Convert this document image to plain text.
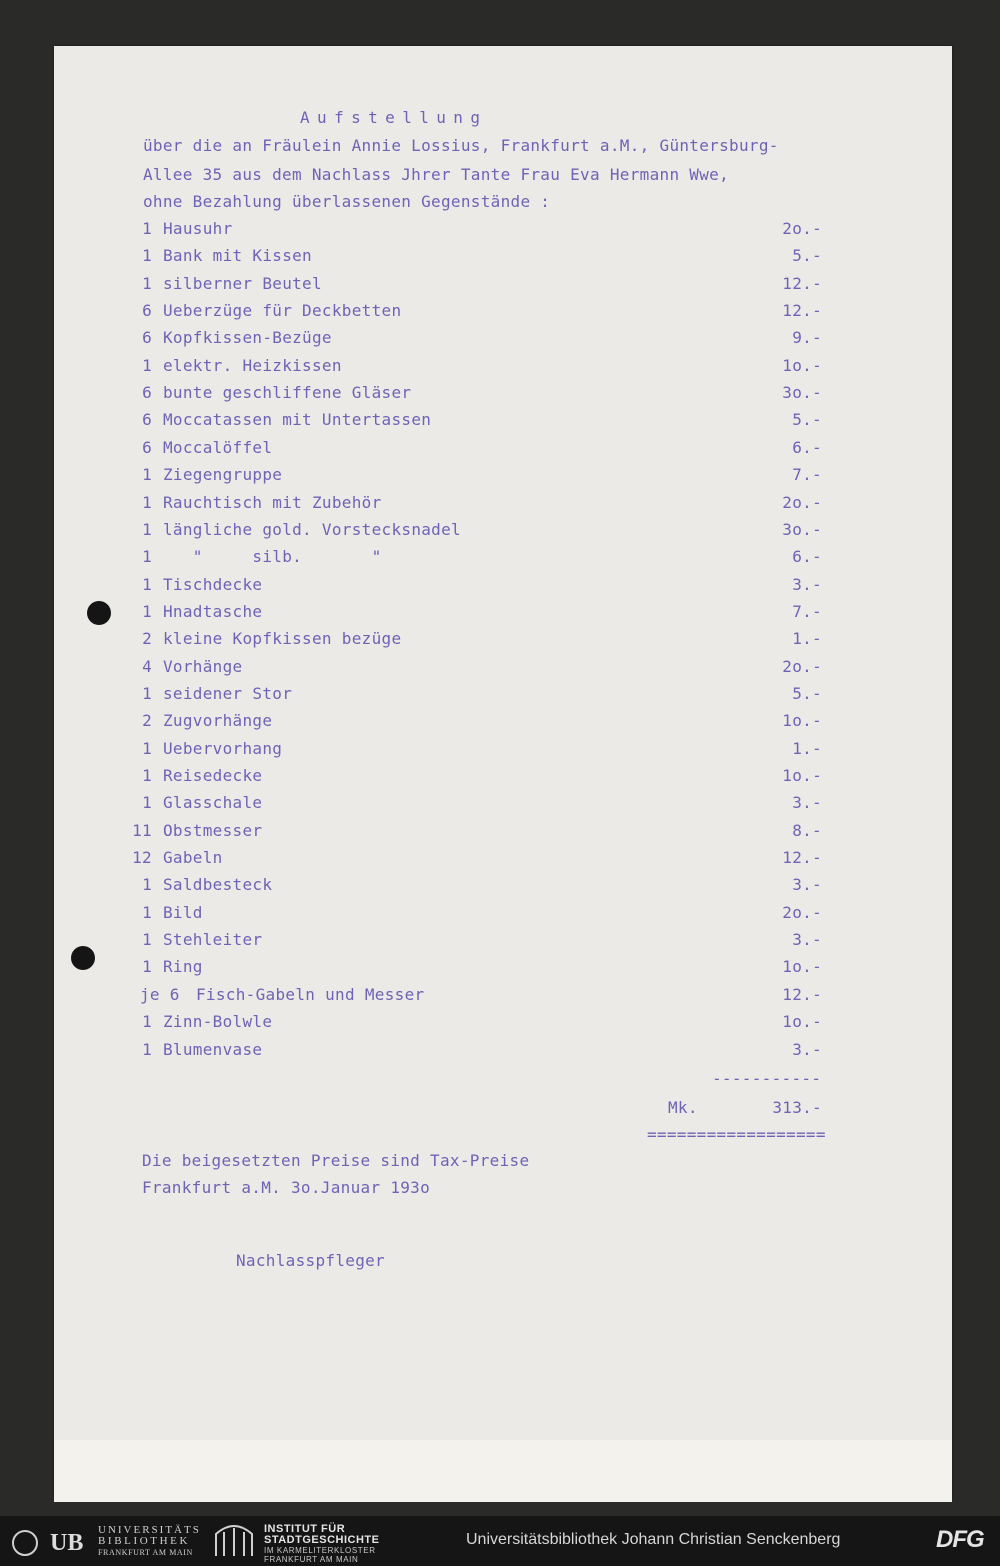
Aufstellung
über die an Fräulein Annie Lossius, Frankfurt a.M., Güntersburg-
Allee 35 aus dem Nachlass Jhrer Tante Frau Eva Hermann Wwe,
ohne Bezahlung überlassenen Gegenstände :
1 Hausuhr	2o.-
1 Bank mit Kissen	5.-
1 silberner Beutel	12.-
6 Ueberzüge für Deckbetten	12.-
6 Kopfkissen-Bezüge	9.-
1 elektr. Heizkissen	1o.-
6 bunte geschliffene Gläser	3o.-
6 Moccatassen mit Untertassen	5.-
6 Moccalöffel	6.-
1 Ziegengruppe	7.-
1 Rauchtisch mit Zubehör	2o.-
1 längliche gold. Vorstecksnadel	3o.-
1 "     silb.       "	6.-
1 Tischdecke	3.-
1 Hnadtasche	7.-
2 kleine Kopfkissen bezüge	1.-
4 Vorhänge	2o.-
1 seidener Stor	5.-
2 Zugvorhänge	1o.-
1 Uebervorhang	1.-
1 Reisedecke	1o.-
1 Glasschale	3.-
11 Obstmesser	8.-
12 Gabeln	12.-
1 Saldbesteck	3.-
1 Bild	2o.-
1 Stehleiter	3.-
1 Ring	1o.-
je 6 Fisch-Gabeln und Messer	12.-
1 Zinn-Bolwle	1o.-
1 Blumenvase	3.-
-----------
Mk.	313.-
==================
Die beigesetzten Preise sind Tax-Preise
Frankfurt a.M. 3o.Januar 193o
Nachlasspfleger
UB UNIVERSITÄTS
BIBLIOTHEK
FRANKFURT AM MAIN
INSTITUT FÜR
STADTGESCHICHTE
IM KARMELITERKLOSTER
FRANKFURT AM MAIN
Universitätsbibliothek Johann Christian Senckenberg	DFG
